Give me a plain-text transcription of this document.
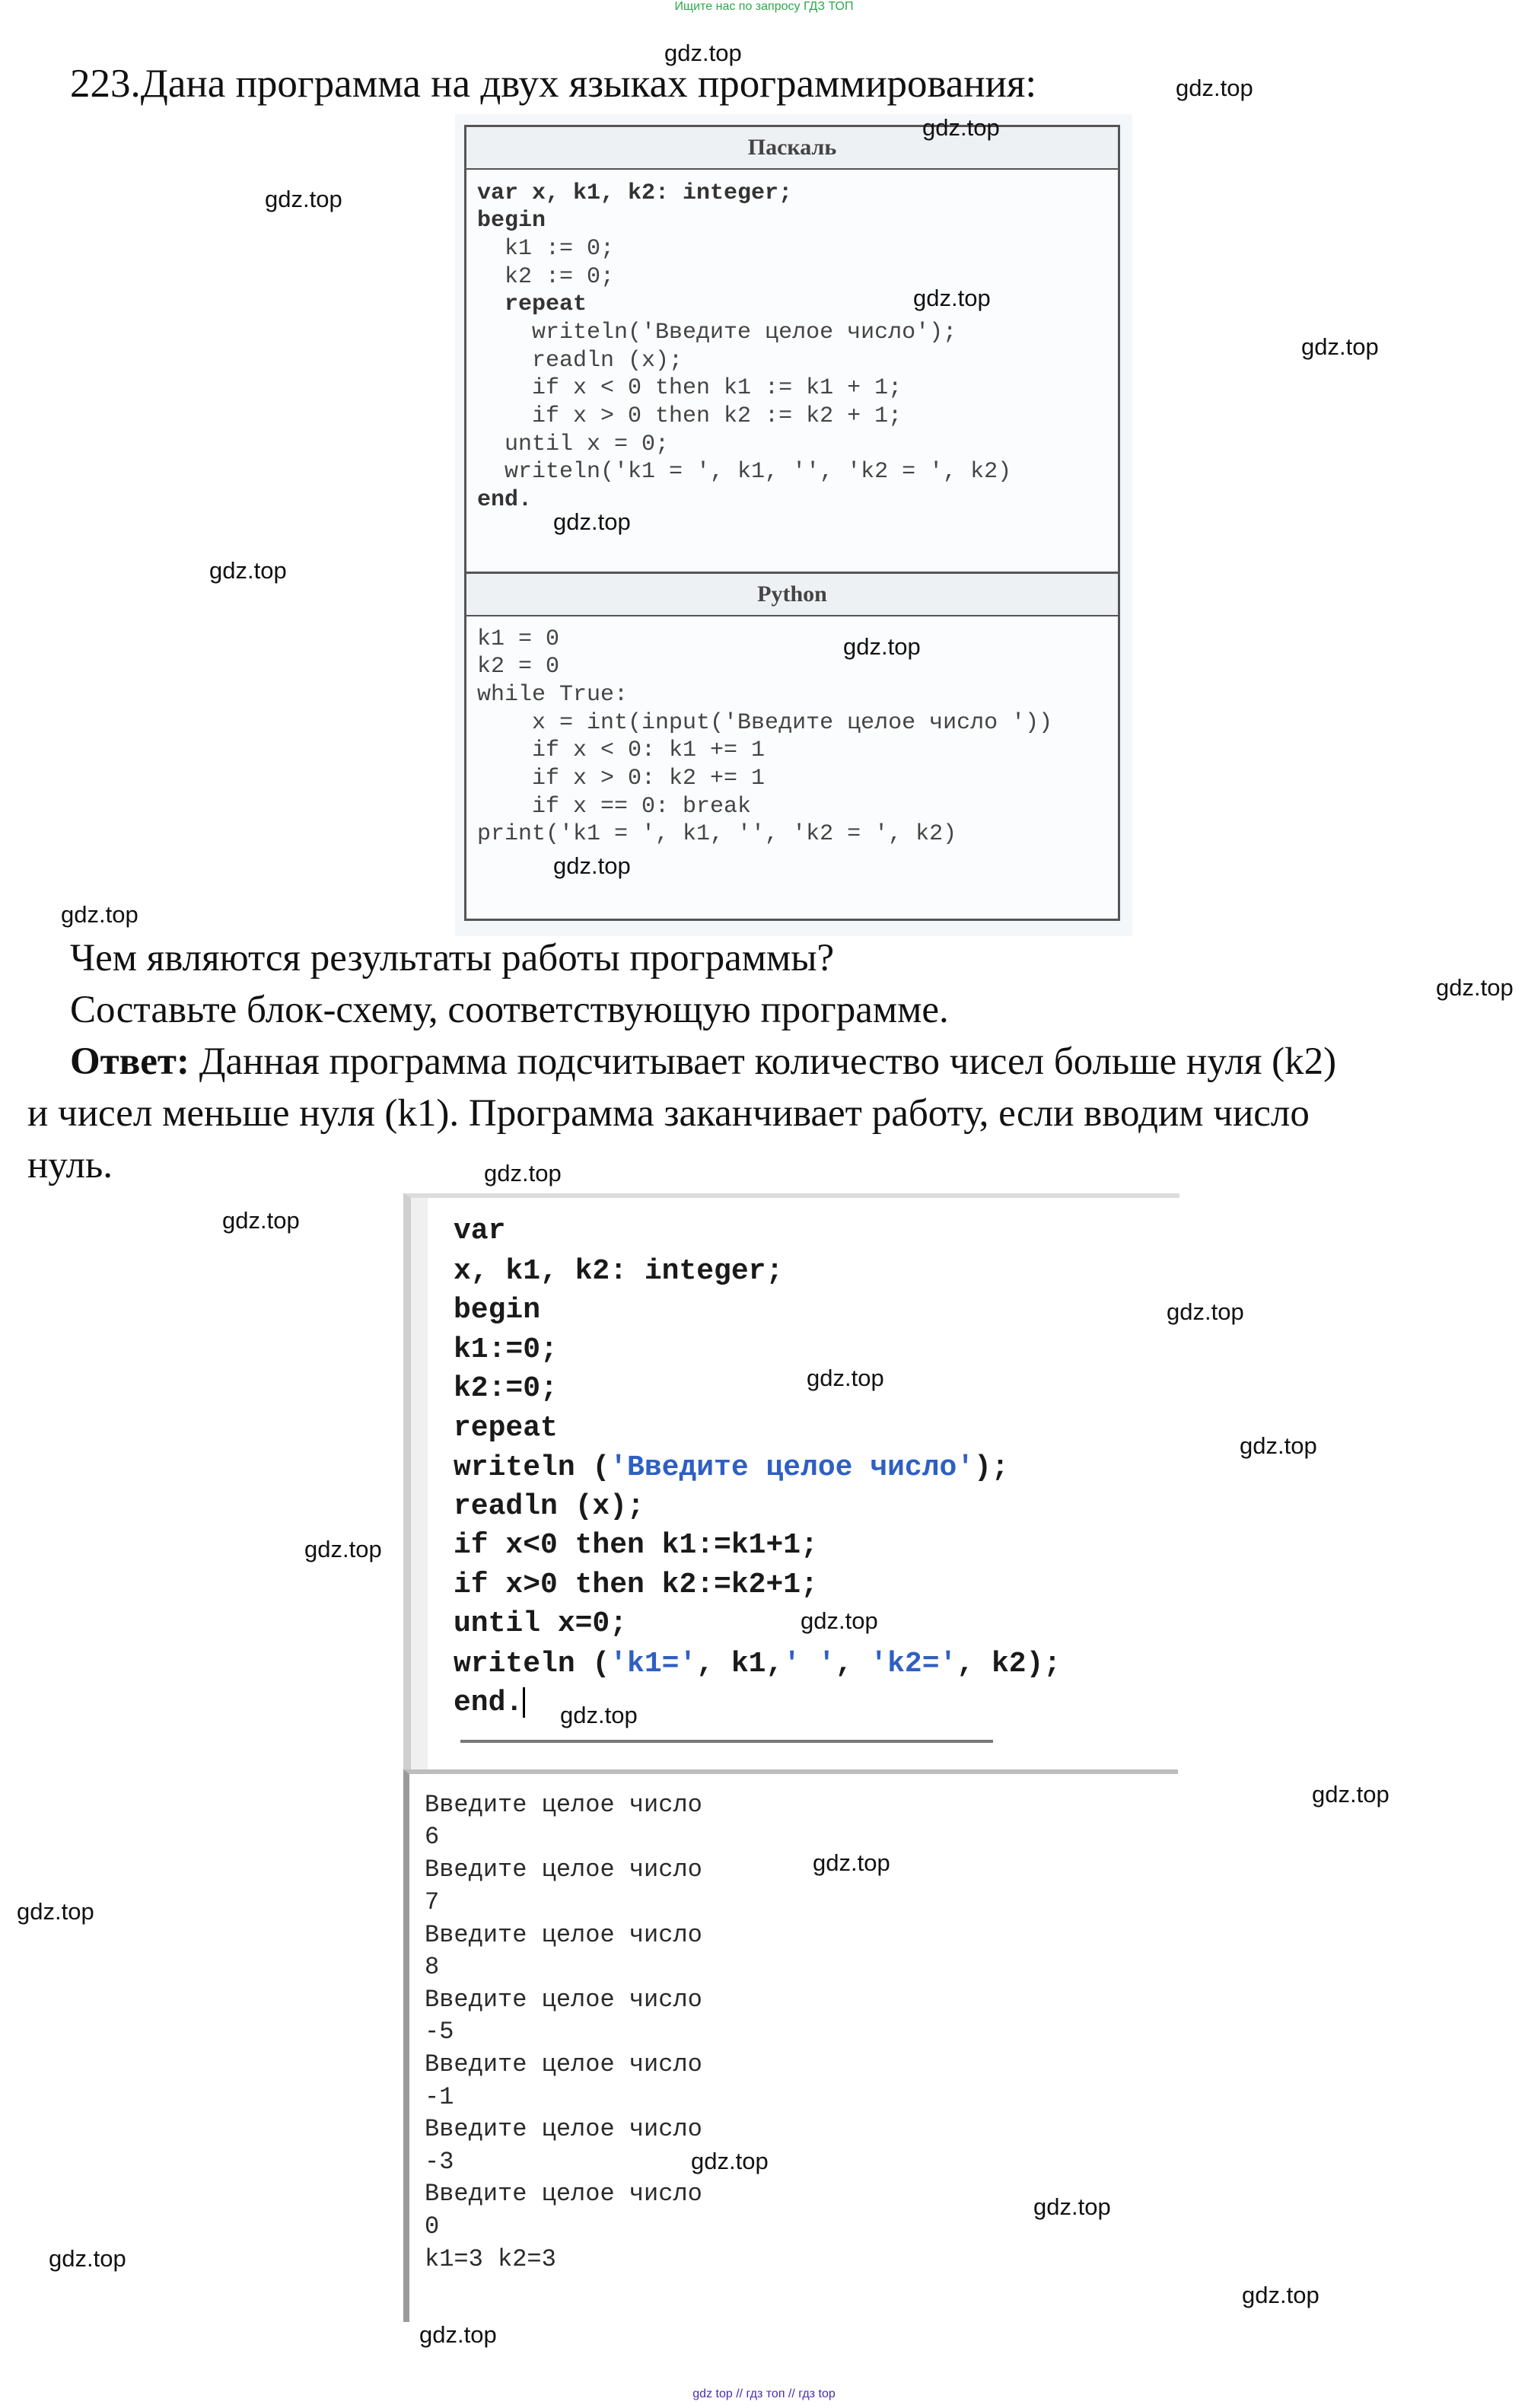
Ищите нас по запросу ГДЗ ТОП
223.Дана программа на двух языках программирования:
Паскаль
var x, k1, k2: integer;
begin
k1 := 0;
k2 := 0;
repeat
writeln('Введите целое число');
readln (x);
if x < 0 then k1 := k1 + 1;
if x > 0 then k2 := k2 + 1;
until x = 0;
writeln('k1 = ', k1, '', 'k2 = ', k2)
end.
Python
k1 = 0
k2 = 0
while True:
x = int(input('Введите целое число '))
if x < 0: k1 += 1
if x > 0: k2 += 1
if x == 0: break
print('k1 = ', k1, '', 'k2 = ', k2)
Чем являются результаты работы программы?
Составьте блок-схему, соответствующую программе.
Ответ: Данная программа подсчитывает количество чисел больше нуля (k2)
и чисел меньше нуля (k1). Программа заканчивает работу, если вводим число
нуль.
var
x, k1, k2: integer;
begin
k1:=0;
k2:=0;
repeat
writeln ('Введите целое число');
readln (x);
if x<0 then k1:=k1+1;
if x>0 then k2:=k2+1;
until x=0;
writeln ('k1=', k1,' ', 'k2=', k2);
end.
Введите целое число
6
Введите целое число
7
Введите целое число
8
Введите целое число
-5
Введите целое число
-1
Введите целое число
-3
Введите целое число
0
k1=3 k2=3
gdz.top
gdz.top
gdz.top
gdz.top
gdz.top
gdz.top
gdz.top
gdz.top
gdz.top
gdz.top
gdz.top
gdz.top
gdz.top
gdz.top
gdz.top
gdz.top
gdz.top
gdz.top
gdz.top
gdz.top
gdz.top
gdz.top
gdz.top
gdz.top
gdz.top
gdz.top
gdz.top
gdz.top
gdz top // гдз топ // гдз top
